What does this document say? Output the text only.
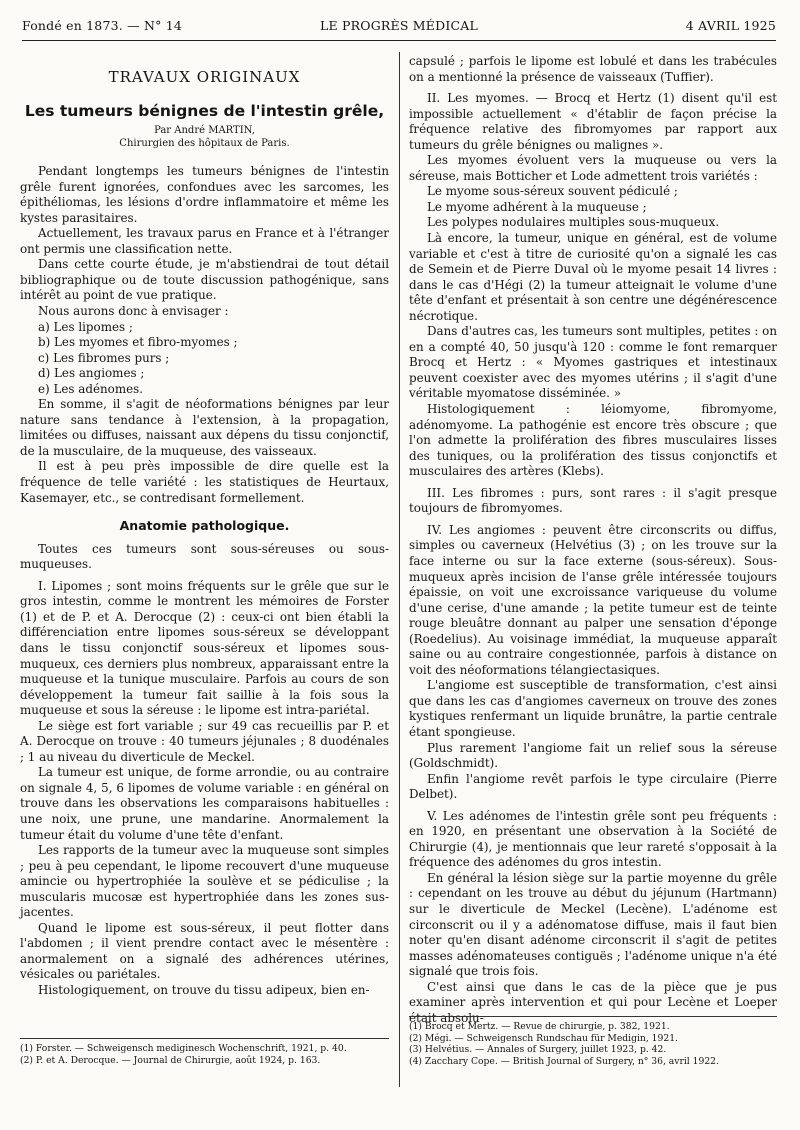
Fondé en 1873. — N° 14	LE PROGRÈS MÉDICAL	4 AVRIL 1925
TRAVAUX ORIGINAUX
Les tumeurs bénignes de l'intestin grêle,
Par André MARTIN,
Chirurgien des hôpitaux de Paris.

Pendant longtemps les tumeurs bénignes de l'intestin grêle furent ignorées, confondues avec les sarcomes, les épithéliomas, les lésions d'ordre inflammatoire et même les kystes parasitaires.

Actuellement, les travaux parus en France et à l'étranger ont permis une classification nette.

Dans cette courte étude, je m'abstiendrai de tout détail bibliographique ou de toute discussion pathogénique, sans intérêt au point de vue pratique.

Nous aurons donc à envisager :

a) Les lipomes ;

b) Les myomes et fibro-myomes ;

c) Les fibromes purs ;

d) Les angiomes ;

e) Les adénomes.

En somme, il s'agit de néoformations bénignes par leur nature sans tendance à l'extension, à la propagation, limitées ou diffuses, naissant aux dépens du tissu conjonctif, de la musculaire, de la muqueuse, des vaisseaux.

Il est à peu près impossible de dire quelle est la fréquence de telle variété : les statistiques de Heurtaux, Kasemayer, etc., se contredisant formellement.

Anatomie pathologique.

Toutes ces tumeurs sont sous-séreuses ou sous-muqueuses.

I. Lipomes ; sont moins fréquents sur le grêle que sur le gros intestin, comme le montrent les mémoires de Forster (1) et de P. et A. Derocque (2) : ceux-ci ont bien établi la différenciation entre lipomes sous-séreux se développant dans le tissu conjonctif sous-séreux et lipomes sous-muqueux, ces derniers plus nombreux, apparaissant entre la muqueuse et la tunique musculaire. Parfois au cours de son développement la tumeur fait saillie à la fois sous la muqueuse et sous la séreuse : le lipome est intra-pariétal.

Le siège est fort variable ; sur 49 cas recueillis par P. et A. Derocque on trouve : 40 tumeurs jéjunales ; 8 duodénales ; 1 au niveau du diverticule de Meckel.

La tumeur est unique, de forme arrondie, ou au contraire on signale 4, 5, 6 lipomes de volume variable : en général on trouve dans les observations les comparaisons habituelles : une noix, une prune, une mandarine. Anormalement la tumeur était du volume d'une tête d'enfant.

Les rapports de la tumeur avec la muqueuse sont simples ; peu à peu cependant, le lipome recouvert d'une muqueuse amincie ou hypertrophiée la soulève et se pédiculise ; la muscularis mucosæ est hypertrophiée dans les zones sus-jacentes.

Quand le lipome est sous-séreux, il peut flotter dans l'abdomen ; il vient prendre contact avec le mésentère : anormalement on a signalé des adhérences utérines, vésicales ou pariétales.

Histologiquement, on trouve du tissu adipeux, bien en-

capsulé ; parfois le lipome est lobulé et dans les trabécules on a mentionné la présence de vaisseaux (Tuffier).

II. Les myomes. — Brocq et Hertz (1) disent qu'il est impossible actuellement « d'établir de façon précise la fréquence relative des fibromyomes par rapport aux tumeurs du grêle bénignes ou malignes ».

Les myomes évoluent vers la muqueuse ou vers la séreuse, mais Botticher et Lode admettent trois variétés :

Le myome sous-séreux souvent pédiculé ;

Le myome adhérent à la muqueuse ;

Les polypes nodulaires multiples sous-muqueux.

Là encore, la tumeur, unique en général, est de volume variable et c'est à titre de curiosité qu'on a signalé les cas de Semein et de Pierre Duval où le myome pesait 14 livres : dans le cas d'Hégi (2) la tumeur atteignait le volume d'une tête d'enfant et présentait à son centre une dégénérescence nécrotique.

Dans d'autres cas, les tumeurs sont multiples, petites : on en a compté 40, 50 jusqu'à 120 : comme le font remarquer Brocq et Hertz : « Myomes gastriques et intestinaux peuvent coexister avec des myomes utérins ; il s'agit d'une véritable myomatose disséminée. »

Histologiquement : léiomyome, fibromyome, adénomyome. La pathogénie est encore très obscure ; que l'on admette la prolifération des fibres musculaires lisses des tuniques, ou la prolifération des tissus conjonctifs et musculaires des artères (Klebs).

III. Les fibromes : purs, sont rares : il s'agit presque toujours de fibromyomes.

IV. Les angiomes : peuvent être circonscrits ou diffus, simples ou caverneux (Helvétius (3) ; on les trouve sur la face interne ou sur la face externe (sous-séreux). Sous-muqueux après incision de l'anse grêle intéressée toujours épaissie, on voit une excroissance variqueuse du volume d'une cerise, d'une amande ; la petite tumeur est de teinte rouge bleuâtre donnant au palper une sensation d'éponge (Roedelius). Au voisinage immédiat, la muqueuse apparaît saine ou au contraire congestionnée, parfois à distance on voit des néoformations télangiectasiques.

L'angiome est susceptible de transformation, c'est ainsi que dans les cas d'angiomes caverneux on trouve des zones kystiques renfermant un liquide brunâtre, la partie centrale étant spongieuse.

Plus rarement l'angiome fait un relief sous la séreuse (Goldschmidt).

Enfin l'angiome revêt parfois le type circulaire (Pierre Delbet).

V. Les adénomes de l'intestin grêle sont peu fréquents : en 1920, en présentant une observation à la Société de Chirurgie (4), je mentionnais que leur rareté s'opposait à la fréquence des adénomes du gros intestin.

En général la lésion siège sur la partie moyenne du grêle : cependant on les trouve au début du jéjunum (Hartmann) sur le diverticule de Meckel (Lecène). L'adénome est circonscrit ou il y a adénomatose diffuse, mais il faut bien noter qu'en disant adénome circonscrit il s'agit de petites masses adénomateuses contiguës ; l'adénome unique n'a été signalé que trois fois.

C'est ainsi que dans le cas de la pièce que je pus examiner après intervention et qui pour Lecène et Loeper était absolu-

(1) Forster. — Schweigensch mediginesch Wochenschrift, 1921, p. 40.

(2) P. et A. Derocque. — Journal de Chirurgie, août 1924, p. 163.

(1) Brocq et Mertz. — Revue de chirurgie, p. 382, 1921.

(2) Mégi. — Schweigensch Rundschau für Medigin, 1921.

(3) Helvétius. — Annales of Surgery, juillet 1923, p. 42.

(4) Zacchary Cope. — British Journal of Surgery, n° 36, avril 1922.
